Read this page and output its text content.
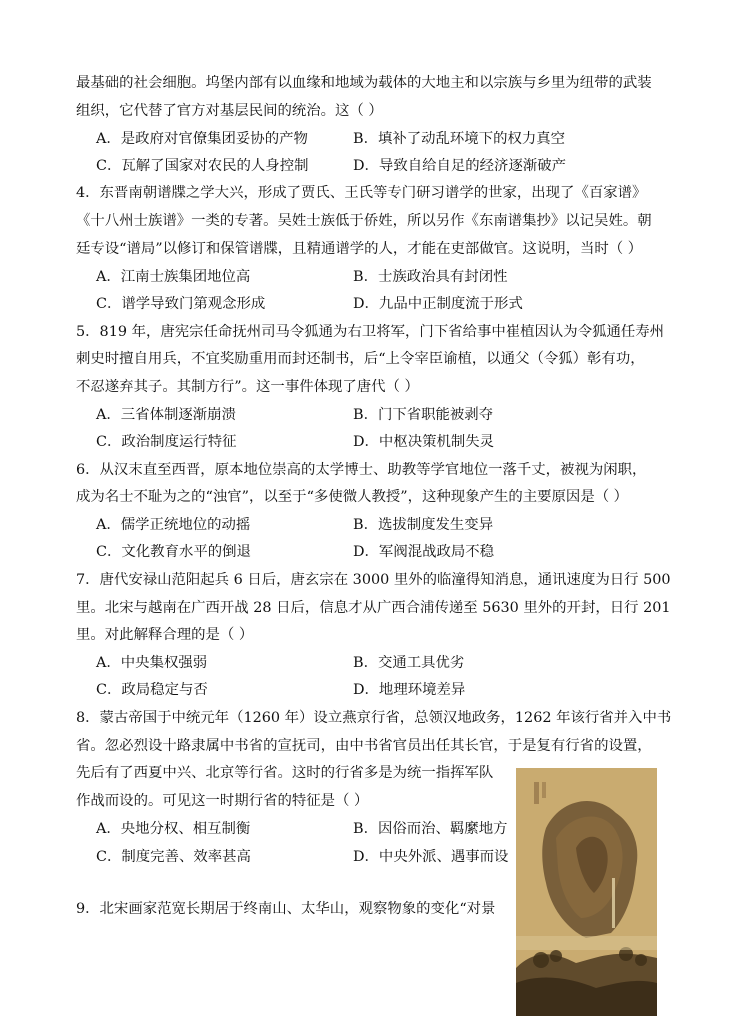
最基础的社会细胞。坞堡内部有以血缘和地域为载体的大地主和以宗族与乡里为纽带的武装
组织，它代替了官方对基层民间的统治。这（ ）
A．是政府对官僚集团妥协的产物	B．填补了动乱环境下的权力真空
C．瓦解了国家对农民的人身控制	D．导致自给自足的经济逐渐破产
4．东晋南朝谱牒之学大兴，形成了贾氏、王氏等专门研习谱学的世家，出现了《百家谱》
《十八州士族谱》一类的专著。吴姓士族低于侨姓，所以另作《东南谱集抄》以记吴姓。朝
廷专设“谱局”以修订和保管谱牒，且精通谱学的人，才能在吏部做官。这说明，当时（ ）
A．江南士族集团地位高	B．士族政治具有封闭性
C．谱学导致门第观念形成	D．九品中正制度流于形式
5．819 年，唐宪宗任命抚州司马令狐通为右卫将军，门下省给事中崔植因认为令狐通任寿州
刺史时擅自用兵，不宜奖励重用而封还制书，后“上令宰臣谕植，以通父（令狐）彰有功，
不忍遂弃其子。其制方行”。这一事件体现了唐代（ ）
A．三省体制逐渐崩溃	B．门下省职能被剥夺
C．政治制度运行特征	D．中枢决策机制失灵
6．从汉末直至西晋，原本地位崇高的太学博士、助教等学官地位一落千丈，被视为闲职，
成为名士不耻为之的“浊官”，以至于“多使微人教授”，这种现象产生的主要原因是（ ）
A．儒学正统地位的动摇	B．选拔制度发生变异
C．文化教育水平的倒退	D．军阀混战政局不稳
7．唐代安禄山范阳起兵 6 日后，唐玄宗在 3000 里外的临潼得知消息，通讯速度为日行 500
里。北宋与越南在广西开战 28 日后，信息才从广西合浦传递至 5630 里外的开封，日行 201
里。对此解释合理的是（ ）
A．中央集权强弱	B．交通工具优劣
C．政局稳定与否	D．地理环境差异
8．蒙古帝国于中统元年（1260 年）设立燕京行省，总领汉地政务，1262 年该行省并入中书
省。忽必烈设十路隶属中书省的宣抚司，由中书省官员出任其长官，于是复有行省的设置，
先后有了西夏中兴、北京等行省。这时的行省多是为统一指挥军队
作战而设的。可见这一时期行省的特征是（ ）
A．央地分权、相互制衡	B．因俗而治、羁縻地方
C．制度完善、效率甚高	D．中央外派、遇事而设
9．北宋画家范宽长期居于终南山、太华山，观察物象的变化“对景
